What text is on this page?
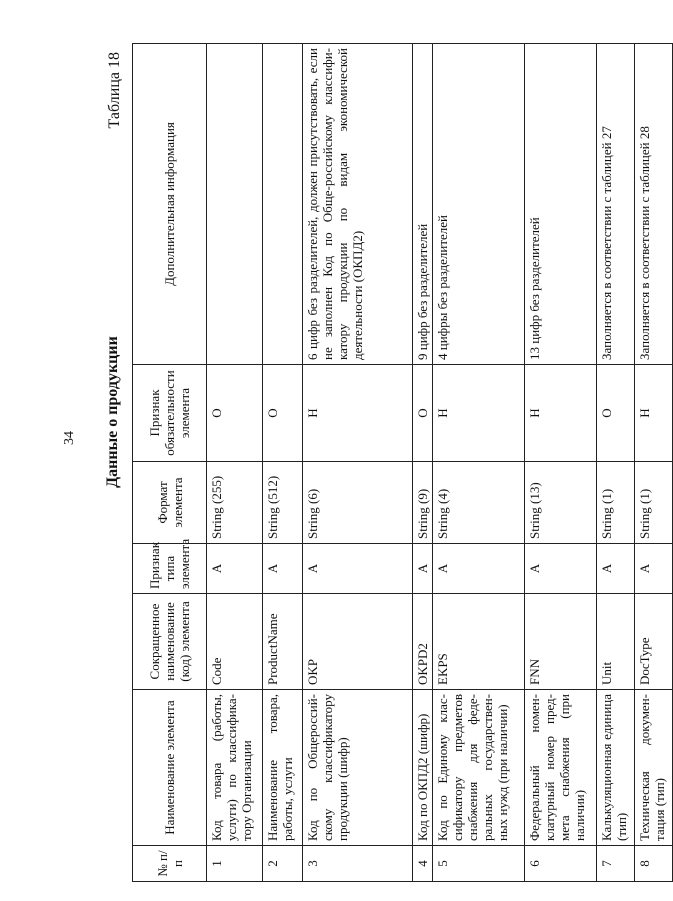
34
Таблица 18
Данные о продукции
№ п/п	Наименование элемента	Сокращенное наименование (код) элемента	Признак типа элемента	Формат элемента	Признак обязательности элемента	Дополнительная информация
1	Код товара (работы, услуги) по классифика-тору Организации	Code	А	String (255)	О	
2	Наименование товара, работы, услуги	ProductName	А	String (512)	О	
3	Код по Общероссий-скому классификатору продукции (шифр)	OKP	А	String (6)	Н	6 цифр без разделителей, должен присутствовать, если не заполнен Код по Обще-российскому классифи-катору продукции по видам экономической деятельности (ОКПД2)
4	Код по ОКПД2 (шифр)	OKPD2	А	String (9)	О	9 цифр без разделителей
5	Код по Единому клас-сификатору предметов снабжения для феде-ральных государствен-ных нужд (при наличии)	EKPS	А	String (4)	Н	4 цифры без разделителей
6	Федеральный номен-клатурный номер пред-мета снабжения (при наличии)	FNN	А	String (13)	Н	13 цифр без разделителей
7	Калькуляционная единица (тип)	Unit	А	String (1)	О	Заполняется в соответствии с таблицей 27
8	Техническая докумен-тация (тип)	DocType	А	String (1)	Н	Заполняется в соответствии с таблицей 28
